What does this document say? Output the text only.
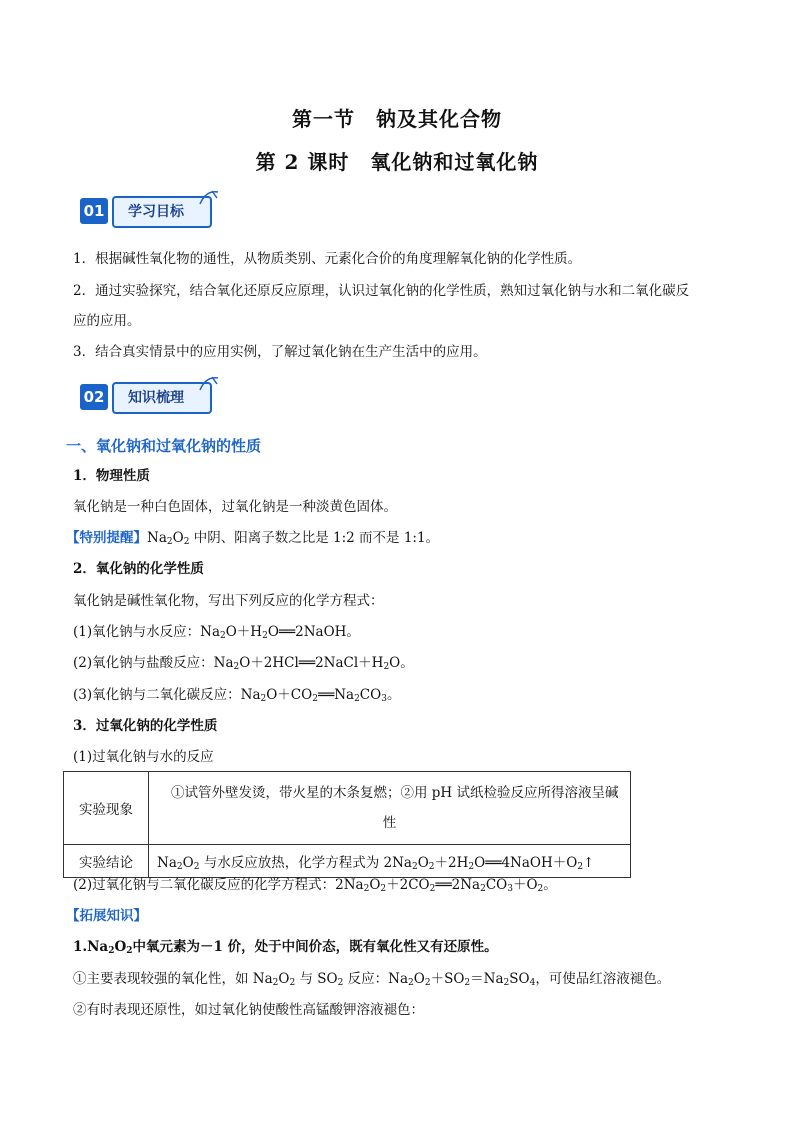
第一节　钠及其化合物
第 2 课时　氧化钠和过氧化钠
01	学习目标
1．根据碱性氧化物的通性，从物质类别、元素化合价的角度理解氧化钠的化学性质。
2．通过实验探究，结合氧化还原反应原理，认识过氧化钠的化学性质，熟知过氧化钠与水和二氧化碳反
应的应用。
3．结合真实情景中的应用实例，了解过氧化钠在生产生活中的应用。
02	知识梳理
一、氧化钠和过氧化钠的性质
1．物理性质
氧化钠是一种白色固体，过氧化钠是一种淡黄色固体。
【特别提醒】$Na_2O_2$ 中阴、阳离子数之比是 1:2 而不是 1:1。
2．氧化钠的化学性质
氧化钠是碱性氧化物，写出下列反应的化学方程式：
(1)氧化钠与水反应：$Na_2O+H_2O══2NaOH$。
(2)氧化钠与盐酸反应：$Na_2O+2HCl══2NaCl+H_2O$。
(3)氧化钠与二氧化碳反应：$Na_2O+CO_2══Na_2CO_3$。
3．过氧化钠的化学性质
(1)过氧化钠与水的反应
实验现象	①试管外壁发烫，带火星的木条复燃；②用 pH 试纸检验反应所得溶液呈碱
性

实验结论	$Na_2O_2$ 与水反应放热，化学方程式为 $2Na_2O_2+2H_2O══4NaOH+O_2↑$
(2)过氧化钠与二氧化碳反应的化学方程式：$2Na_2O_2+2CO_2══2Na_2CO_3+O_2$。
【拓展知识】
$1.Na_2O_2$中氧元素为－1 价，处于中间价态，既有氧化性又有还原性。
①主要表现较强的氧化性，如 $Na_2O_2$ 与 $SO_2$ 反应：$Na_2O_2+SO_2=Na_2SO_4$，可使品红溶液褪色。
②有时表现还原性，如过氧化钠使酸性高锰酸钾溶液褪色：
